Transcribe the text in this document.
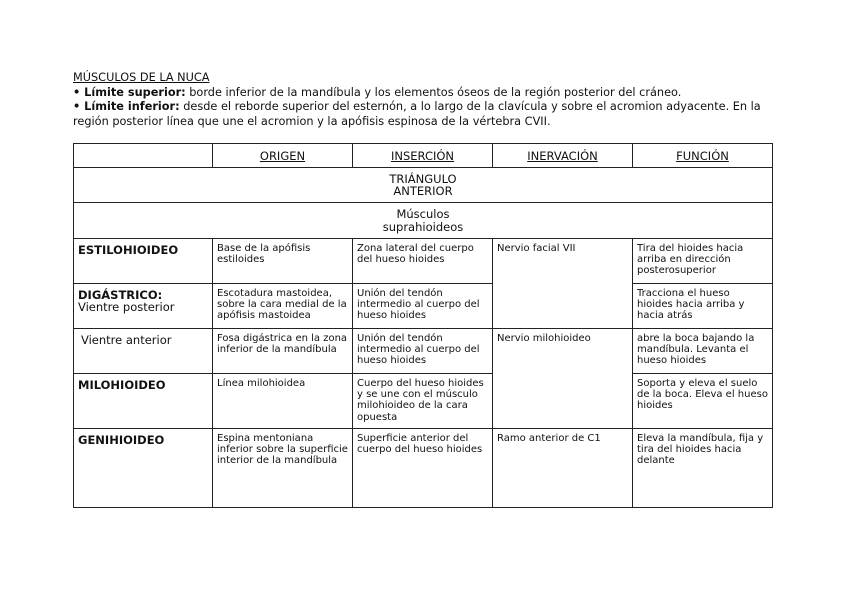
MÚSCULOS DE LA NUCA
• Límite superior: borde inferior de la mandíbula y los elementos óseos de la región posterior del cráneo.
• Límite inferior: desde el reborde superior del esternón, a lo largo de la clavícula y sobre el acromion adyacente. En la región posterior línea que une el acromion y la apófisis espinosa de la vértebra CVII.
	ORIGEN	INSERCIÓN	INERVACIÓN	FUNCIÓN

TRIÁNGULO
ANTERIOR				

Músculos
suprahioideos				

ESTILOHIOIDEO	Base de la apófisis estiloides	Zona lateral del cuerpo del hueso hioides	Nervio facial VII	Tira del hioides hacia arriba en dirección posterosuperior

DIGÁSTRICO:
Vientre posterior	Escotadura mastoidea, sobre la cara medial de la apófisis mastoidea	Unión del tendón intermedio al cuerpo del hueso hioides		Tracciona el hueso hioides hacia arriba y hacia atrás
Vientre anterior	Fosa digástrica en la zona inferior de la mandíbula	Unión del tendón intermedio al cuerpo del hueso hioides	Nervio milohioideo	abre la boca bajando la mandíbula. Levanta el hueso hioides
MILOHIOIDEO	Línea milohioidea	Cuerpo del hueso hioides y se une con el músculo milohioideo de la cara opuesta		Soporta y eleva el suelo de la boca. Eleva el hueso hioides
GENIHIOIDEO	Espina mentoniana inferior sobre la superficie interior de la mandíbula	Superficie anterior del cuerpo del hueso hioides	Ramo anterior de C1	Eleva la mandíbula, fija y tira del hioides hacia delante
